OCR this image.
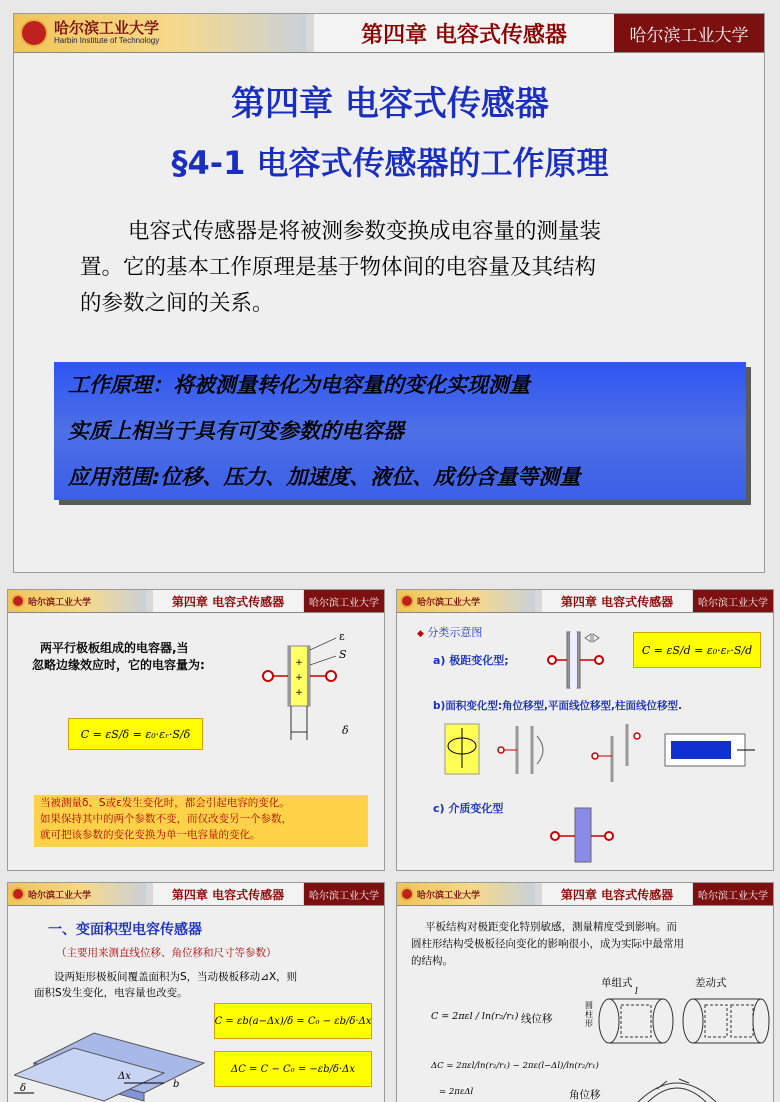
哈尔滨工业大学
Harbin Institute of Technology	第四章 电容式传感器	哈尔滨工业大学
第四章 电容式传感器
§4-1 电容式传感器的工作原理
电容式传感器是将被测参数变换成电容量的测量装
置。它的基本工作原理是基于物体间的电容量及其结构
的参数之间的关系。
工作原理：将被测量转化为电容量的变化实现测量
实质上相当于具有可变参数的电容器
应用范围:位移、压力、加速度、液位、成份含量等测量
哈尔滨工业大学	第四章 电容式传感器	哈尔滨工业大学
两平行极板组成的电容器,当
忽略边缘效应时，它的电容量为:	+
+
+
ε
S
δ
C = εS/δ = ε₀·εᵣ·S/δ
当被测量δ、S或ε发生变化时，都会引起电容的变化。
如果保持其中的两个参数不变，而仅改变另一个参数，
就可把该参数的变化变换为单一电容量的变化。
哈尔滨工业大学	第四章 电容式传感器	哈尔滨工业大学
◆ 分类示意图
a) 极距变化型;
C = εS/d = ε₀·εᵣ·S/d
b)面积变化型:角位移型,平面线位移型,柱面线位移型.
c) 介质变化型
哈尔滨工业大学	第四章 电容式传感器	哈尔滨工业大学
一、变面积型电容传感器
（主要用来测直线位移、角位移和尺寸等参数）
设两矩形极板间覆盖面积为S，当动极板移动⊿X，则
面积S发生变化，电容量也改变。
Δx
b
δ
C = εb(a−Δx)/δ = C₀ − εb/δ·Δx
ΔC = C − C₀ = −εb/δ·Δx
哈尔滨工业大学	第四章 电容式传感器	哈尔滨工业大学
平板结构对极距变化特别敏感，测量精度受到影响。而
圆柱形结构受极板径向变化的影响很小，成为实际中最常用
的结构。
单组式	差动式
l
圆柱形
C = 2πεl / ln(r₂/r₁) 线位移
ΔC = 2πεl/ln(r₂/r₁) − 2πε(l−Δl)/ln(r₂/r₁)
= 2πεΔl	角位移
